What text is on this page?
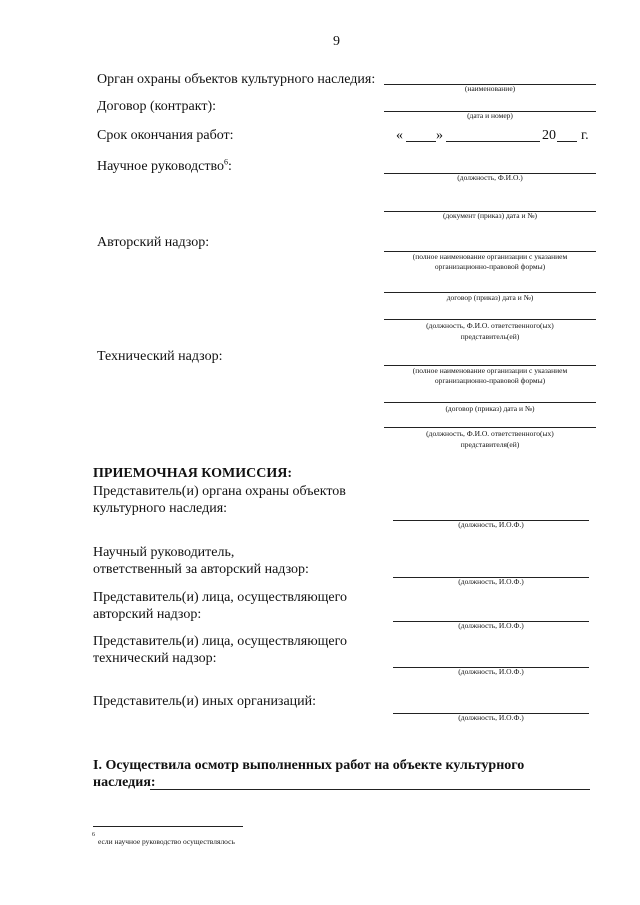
9
Орган охраны объектов культурного наследия:
(наименование)
Договор (контракт):
(дата и номер)
Срок окончания работ:	« »	20 г.
Научное руководство$^6$:
(должность, Ф.И.О.)
(документ (приказ) дата и №)
Авторский надзор:
(полное наименование организации с указанием
организационно-правовой формы)
договор (приказ) дата и №)
(должность, Ф.И.О. ответственного(ых)
представитель(ей)
Технический надзор:
(полное наименование организации с указанием
организационно-правовой формы)
(договор (приказ) дата и №)
(должность, Ф.И.О. ответственного(ых)
представителя(ей)
ПРИЕМОЧНАЯ КОМИССИЯ:
Представитель(и) органа охраны объектов
культурного наследия:
(должность, И.О.Ф.)
Научный руководитель,
ответственный за авторский надзор:
(должность, И.О.Ф.)
Представитель(и) лица, осуществляющего
авторский надзор:
(должность, И.О.Ф.)
Представитель(и) лица, осуществляющего
технический надзор:
(должность, И.О.Ф.)
Представитель(и) иных организаций:
(должность, И.О.Ф.)
I. Осуществила осмотр выполненных работ на объекте культурного
наследия:
6
если научное руководство осуществлялось
